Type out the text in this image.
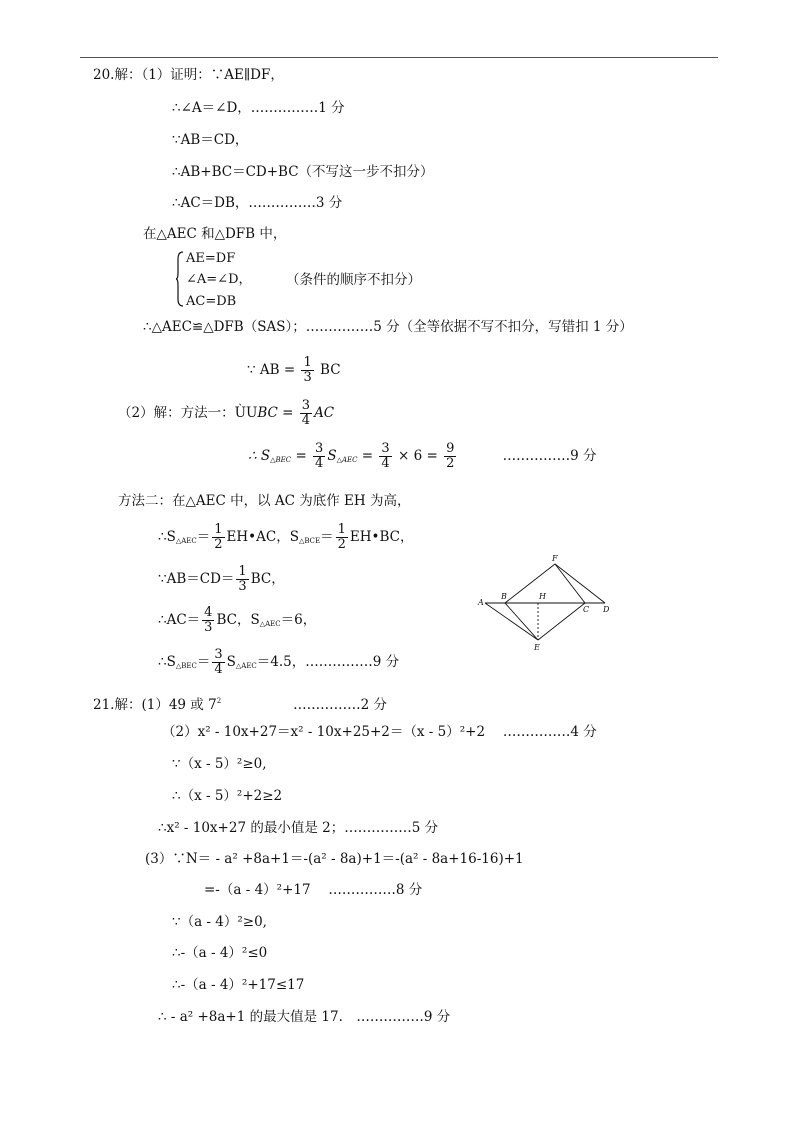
20.解：（1）证明：∵AE∥DF，
∴∠A＝∠D，……………1 分
∵AB＝CD，
∴AB+BC＝CD+BC（不写这一步不扣分）
∴AC＝DB，……………3 分
在△AEC 和△DFB 中，
AE=DF
∠A=∠D，
AC=DB
（条件的顺序不扣分）
∴△AEC≌△DFB（SAS）；……………5 分（全等依据不写不扣分，写错扣 1 分）
∵ AB = $\frac{1}{3}$ BC
（2）解：方法一：ÙUBC = $\frac{3}{4}$ AC
∴ $S_{\triangle BEC} = \frac{3}{4} S_{\triangle AEC} = \frac{3}{4} \times 6 = \frac{9}{2}$	……………9 分
方法二：在△AEC 中，以 AC 为底作 EH 为高，
$\therefore S_{\triangle AEC}= \frac{1}{2}$ EH•AC，$S_{\triangle BCE}= \frac{1}{2}$ EH•BC，
∵AB＝CD＝ $\frac{1}{3}$ BC，
∴AC＝ $\frac{4}{3}$ BC，$S_{\triangle AEC}=6$，
$\therefore S_{\triangle BEC}= \frac{3}{4} S_{\triangle AEC}=4.5$，……………9 分
A
B	H
C D
E
F
21.解：(1）49 或 $7^2$	……………2 分
（2）x² - 10x+27＝x² - 10x+25+2＝（x - 5）²+2　 ……………4 分
∵（x - 5）²≥0,
∴（x - 5）²+2≥2
∴x² - 10x+27 的最小值是 2；……………5 分
(3）∵N＝ - a² +8a+1＝-(a² - 8a)+1＝-(a² - 8a+16-16)+1
=-（a - 4）²+17　 ……………8 分
∵（a - 4）²≥0,
∴-（a - 4）²≤0
∴-（a - 4）²+17≤17
∴ - a² +8a+1 的最大值是 17.　……………9 分
